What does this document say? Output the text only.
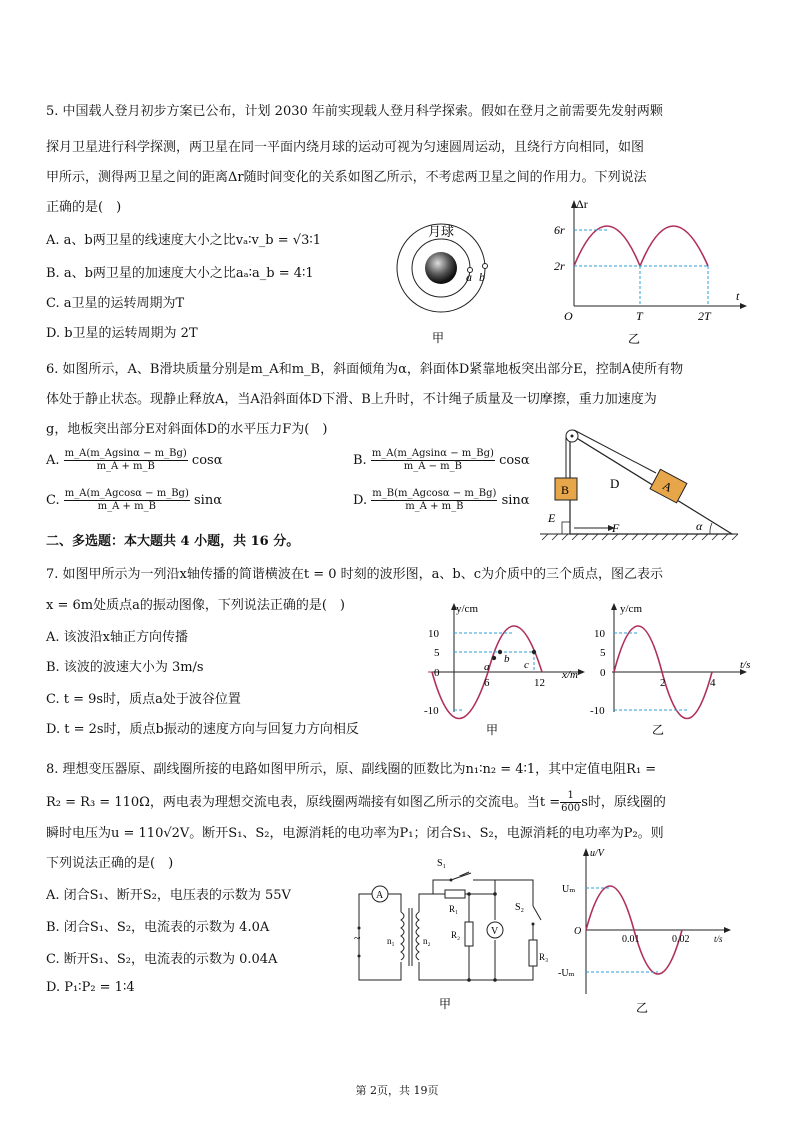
5. 中国载人登月初步方案已公布，计划 2030 年前实现载人登月科学探索。假如在登月之前需要先发射两颗
探月卫星进行科学探测，两卫星在同一平面内绕月球的运动可视为匀速圆周运动，且绕行方向相同，如图
甲所示，测得两卫星之间的距离Δr随时间变化的关系如图乙所示，不考虑两卫星之间的作用力。下列说法
正确的是(　)
A. a、b两卫星的线速度大小之比vₐ∶v_b = √3∶1
B. a、b两卫星的加速度大小之比aₐ∶a_b = 4∶1
C. a卫星的运转周期为T
D. b卫星的运转周期为 2T
月球
a b
甲
Δr
6r
2r
O	T	2T
t
乙
6. 如图所示，A、B滑块质量分别是m_A和m_B，斜面倾角为α，斜面体D紧靠地板突出部分E，控制A使所有物
体处于静止状态。现静止释放A，当A沿斜面体D下滑、B上升时，不计绳子质量及一切摩擦，重力加速度为
g，地板突出部分E对斜面体D的水平压力F为(　)
A. $\frac{m\_A(m\_Agsin\alpha - m\_Bg)}{m\_A + m\_B}$ cosα	B. $\frac{m\_A(m\_Agsin\alpha - m\_Bg)}{m\_A - m\_B}$ cosα
C. $\frac{m\_A(m\_Agcos\alpha - m\_Bg)}{m\_A + m\_B}$ sinα	D. $\frac{m\_B(m\_Agcos\alpha - m\_Bg)}{m\_A + m\_B}$ sinα
A
B	D
E
F	α
二、多选题：本大题共 4 小题，共 16 分。
7. 如图甲所示为一列沿x轴传播的简谐横波在t = 0 时刻的波形图，a、b、c为介质中的三个质点，图乙表示
x = 6m处质点a的振动图像，下列说法正确的是(　)
A. 该波沿x轴正方向传播
B. 该波的波速大小为 3m/s
C. t = 9s时，质点a处于波谷位置
D. t = 2s时，质点b振动的速度方向与回复力方向相反
y/cm
10
5
0
-10
6	12
x/m
a
b c
甲
y/cm
10
5
0
-10
2	4
t/s
乙
8. 理想变压器原、副线圈所接的电路如图甲所示，原、副线圈的匝数比为n₁∶n₂ = 4∶1，其中定值电阻R₁ =
R₂ = R₃ = 110Ω，两电表为理想交流电表，原线圈两端接有如图乙所示的交流电。当$t = \frac{1}{600}$ s时，原线圈的
瞬时电压为u = 110√2V。断开S₁、S₂，电源消耗的电功率为P₁；闭合S₁、S₂，电源消耗的电功率为P₂。则
下列说法正确的是(　)
A. 闭合S₁、断开S₂，电压表的示数为 55V
B. 闭合S₁、S₂，电流表的示数为 4.0A
C. 断开S₁、S₂，电流表的示数为 0.04A
D. P₁∶P₂ = 1∶4
~
A
S₁
R₁
R₂	V
S₂
R₃
n₁	n₂
甲
u/V
Uₘ
-Uₘ
O
0.01	0.02	t/s
乙
第 2页，共 19页
